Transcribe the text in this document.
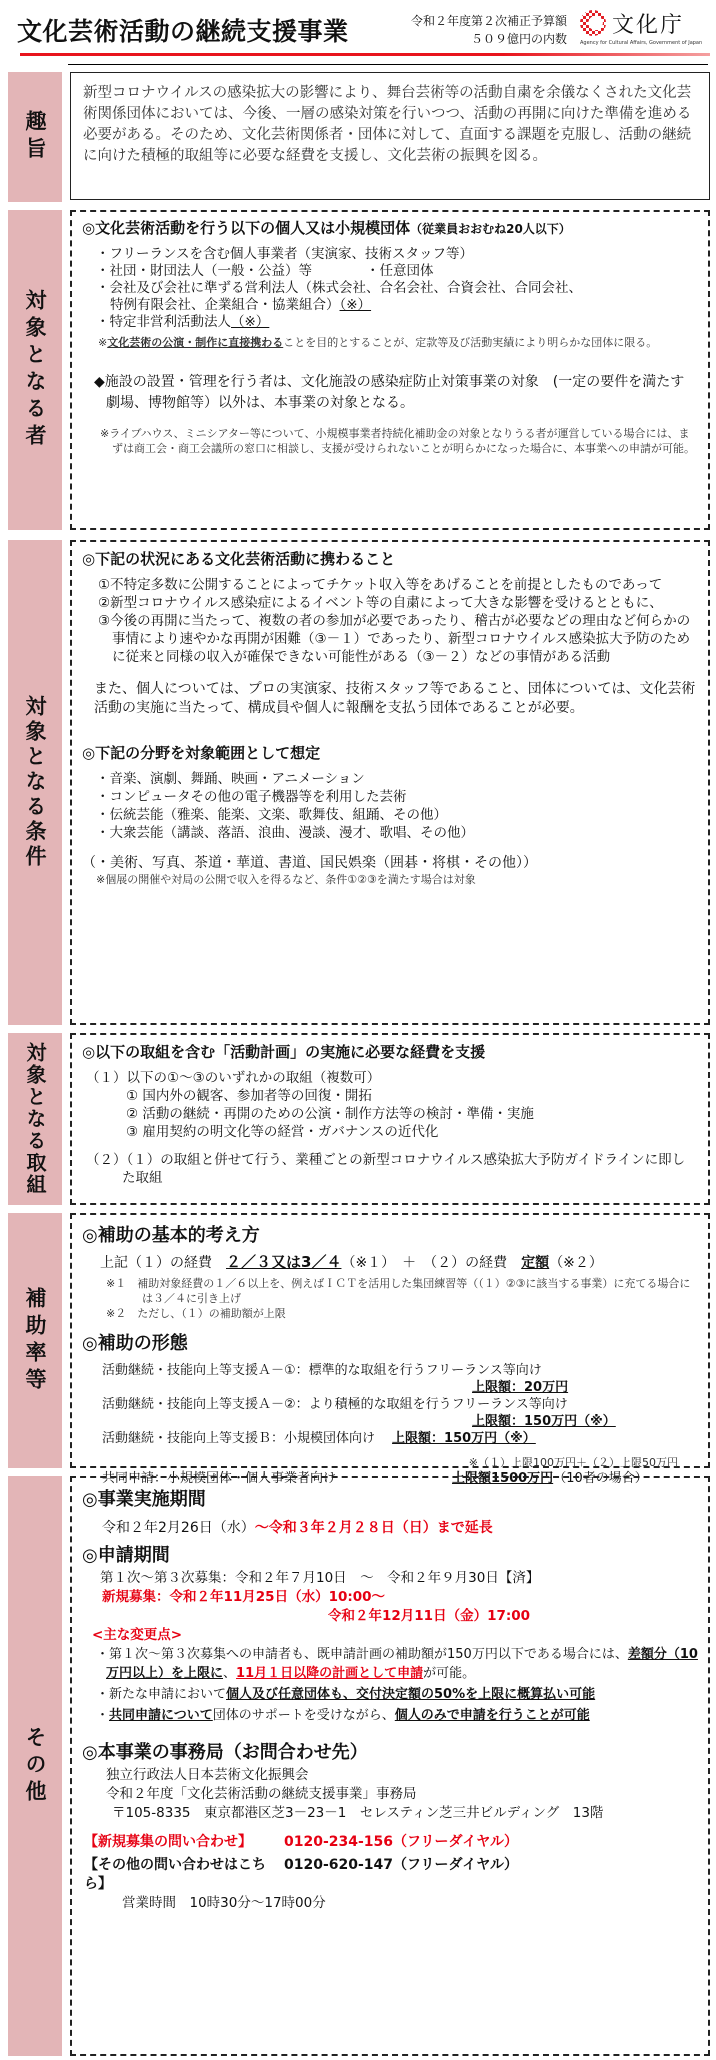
文化芸術活動の継続支援事業	令和２年度第２次補正予算額
５０９億円の内数
文化庁
Agency for Cultural Affairs, Government of Japan
趣旨
新型コロナウイルスの感染拡大の影響により、舞台芸術等の活動自粛を余儀なくされた文化芸術関係団体においては、今後、一層の感染対策を行いつつ、活動の再開に向けた準備を進める必要がある。そのため、文化芸術関係者・団体に対して、直面する課題を克服し、活動の継続に向けた積極的取組等に必要な経費を支援し、文化芸術の振興を図る。
対象となる者
◎文化芸術活動を行う以下の個人又は小規模団体（従業員おおむね20人以下）
・フリーランスを含む個人事業者（実演家、技術スタッフ等）
・社団・財団法人（一般・公益）等　　　　・任意団体
・会社及び会社に準ずる営利法人（株式会社、合名会社、合資会社、合同会社、
特例有限会社、企業組合・協業組合）（※）
・特定非営利活動法人（※）
※文化芸術の公演・制作に直接携わることを目的とすることが、定款等及び活動実績により明らかな団体に限る。
◆施設の設置・管理を行う者は、文化施設の感染症防止対策事業の対象　(一定の要件を満たす劇場、博物館等）以外は、本事業の対象となる。
※ライブハウス、ミニシアター等について、小規模事業者持続化補助金の対象となりうる者が運営している場合には、まずは商工会・商工会議所の窓口に相談し、支援が受けられないことが明らかになった場合に、本事業への申請が可能。
対象となる条件
◎下記の状況にある文化芸術活動に携わること
①不特定多数に公開することによってチケット収入等をあげることを前提としたものであって
②新型コロナウイルス感染症によるイベント等の自粛によって大きな影響を受けるとともに、
③今後の再開に当たって、複数の者の参加が必要であったり、稽古が必要などの理由など何らかの事情により速やかな再開が困難（③－１）であったり、新型コロナウイルス感染拡大予防のために従来と同様の収入が確保できない可能性がある（③－２）などの事情がある活動
また、個人については、プロの実演家、技術スタッフ等であること、団体については、文化芸術活動の実施に当たって、構成員や個人に報酬を支払う団体であることが必要。
◎下記の分野を対象範囲として想定
・音楽、演劇、舞踊、映画・アニメーション
・コンピュータその他の電子機器等を利用した芸術
・伝統芸能（雅楽、能楽、文楽、歌舞伎、組踊、その他）
・大衆芸能（講談、落語、浪曲、漫談、漫才、歌唱、その他）
（・美術、写真、茶道・華道、書道、国民娯楽（囲碁・将棋・その他））
※個展の開催や対局の公開で収入を得るなど、条件①②③を満たす場合は対象
対象となる取組 ◎以下の取組を含む「活動計画」の実施に必要な経費を支援
（１）以下の①～③のいずれかの取組（複数可）
① 国内外の観客、参加者等の回復・開拓
② 活動の継続・再開のための公演・制作方法等の検討・準備・実施
③ 雇用契約の明文化等の経営・ガバナンスの近代化
（２）（１）の取組と併せて行う、業種ごとの新型コロナウイルス感染拡大予防ガイドラインに即した取組
補助率等
◎補助の基本的考え方
上記（１）の経費　 ２／３又は3／４（※１）　＋　（２）の経費　 定額（※２）
※１　補助対象経費の１／６以上を、例えばＩＣＴを活用した集団練習等（（１）②③に該当する事業）に充てる場合には３／４に引き上げ
※２　ただし、（１）の補助額が上限
◎補助の形態
活動継続・技能向上等支援Ａ－①：標準的な取組を行うフリーランス等向け
上限額：20万円
活動継続・技能向上等支援Ａ－②：より積極的な取組を行うフリーランス等向け
上限額：150万円（※）
活動継続・技能向上等支援Ｂ：小規模団体向け　 上限額：150万円（※）
※（１）上限100万円＋（２）上限50万円
共同申請：小規模団体・個人事業者向け	上限額1500万円 （10者の場合）
その他
◎事業実施期間
令和２年2月26日（水）～令和３年２月２８日（日）まで延長
◎申請期間
第１次～第３次募集：令和２年７月10日　～　令和２年９月30日【済】
新規募集：令和２年11月25日（水）10:00～
令和２年12月11日（金）17:00
<主な変更点>
・第１次～第３次募集への申請者も、既申請計画の補助額が150万円以下である場合には、差額分（10万円以上）を上限に、11月１日以降の計画として申請が可能。
・新たな申請において個人及び任意団体も、交付決定額の50%を上限に概算払い可能
・共同申請について団体のサポートを受けながら、個人のみで申請を行うことが可能
◎本事業の事務局（お問合わせ先）
独立行政法人日本芸術文化振興会
令和２年度「文化芸術活動の継続支援事業」事務局
〒105-8335　東京都港区芝3－23－1　セレスティン芝三井ビルディング　13階
【新規募集の問い合わせ】	0120-234-156（フリーダイヤル）
【その他の問い合わせはこちら】
0120-620-147（フリーダイヤル）
営業時間　10時30分～17時00分
